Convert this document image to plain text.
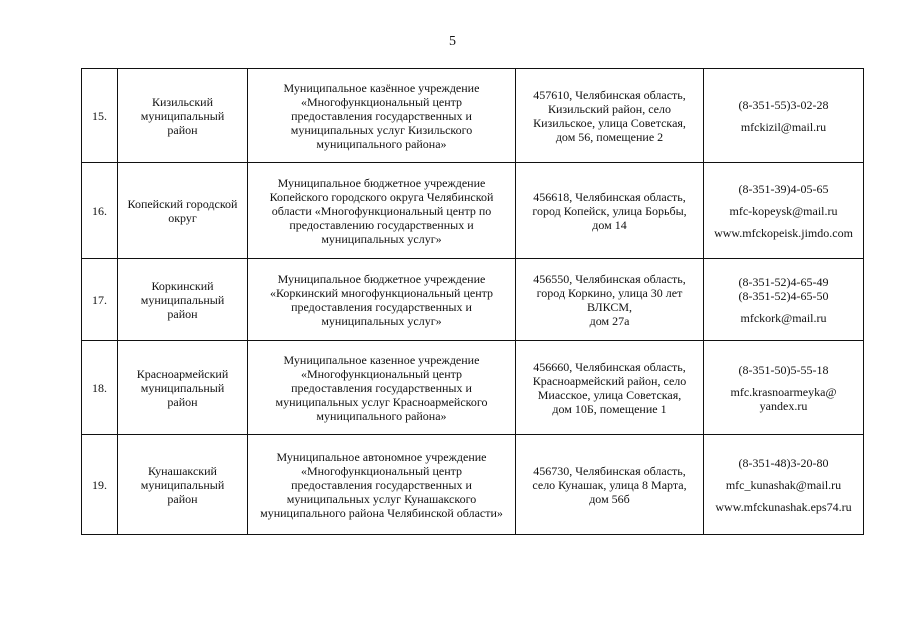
5
15.	Кизильский
муниципальный
район	Муниципальное казённое учреждение
«Многофункциональный центр
предоставления государственных и
муниципальных услуг Кизильского
муниципального района»	457610, Челябинская область,
Кизильский район, село
Кизильское, улица Советская,
дом 56, помещение 2	(8-351-55)3-02-28
mfckizil@mail.ru

16.	Копейский городской
округ	Муниципальное бюджетное учреждение
Копейского городского округа Челябинской
области «Многофункциональный центр по
предоставлению государственных и
муниципальных услуг»	456618, Челябинская область,
город Копейск, улица Борьбы,
дом 14	(8-351-39)4-05-65
mfc-kopeysk@mail.ru
www.mfckopeisk.jimdo.com

17.	Коркинский
муниципальный
район	Муниципальное бюджетное учреждение
«Коркинский многофункциональный центр
предоставления государственных и
муниципальных услуг»	456550, Челябинская область,
город Коркино, улица 30 лет
ВЛКСМ,
дом 27а	(8-351-52)4-65-49
(8-351-52)4-65-50
mfckork@mail.ru

18.	Красноармейский
муниципальный
район	Муниципальное казенное учреждение
«Многофункциональный центр
предоставления государственных и
муниципальных услуг Красноармейского
муниципального района»	456660, Челябинская область,
Красноармейский район, село
Миасское, улица Советская,
дом 10Б, помещение 1	(8-351-50)5-55-18
mfc.krasnoarmeyka@
yandex.ru

19.	Кунашакский
муниципальный
район	Муниципальное автономное учреждение
«Многофункциональный центр
предоставления государственных и
муниципальных услуг Кунашакского
муниципального района Челябинской области»	456730, Челябинская область,
село Кунашак, улица 8 Марта,
дом 56б	(8-351-48)3-20-80
mfc_kunashak@mail.ru
www.mfckunashak.eps74.ru
